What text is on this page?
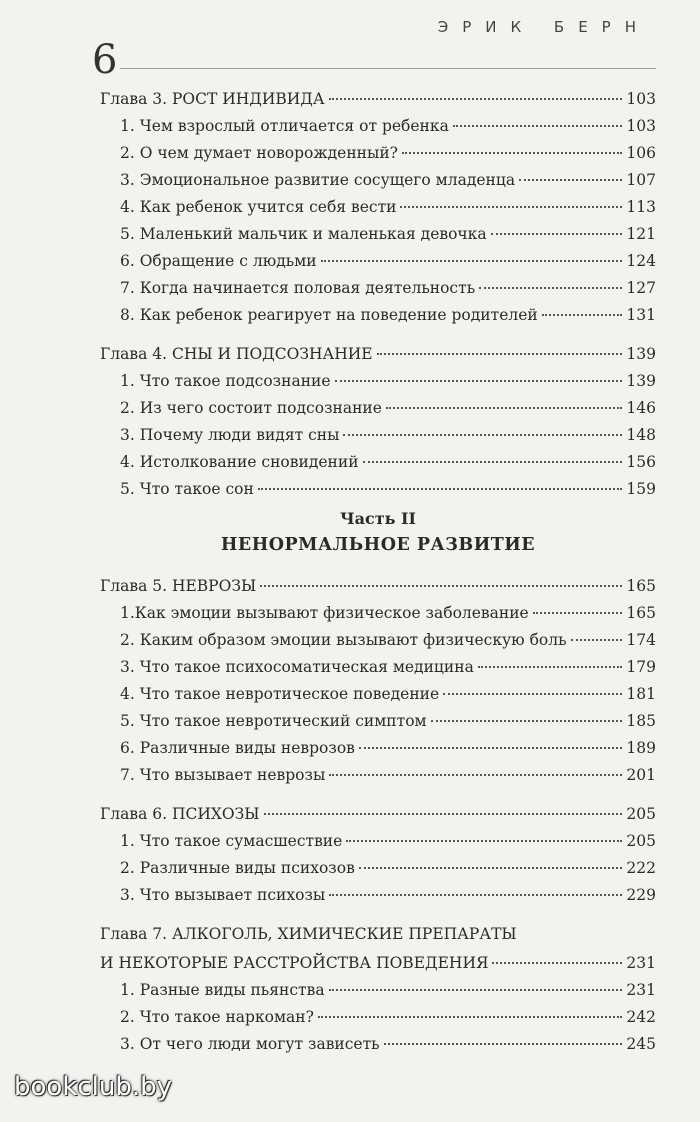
ЭРИК БЕРН
6
Глава 3. РОСТ ИНДИВИДА	103
1. Чем взрослый отличается от ребенка	103
2. О чем думает новорожденный?	106
3. Эмоциональное развитие сосущего младенца	107
4. Как ребенок учится себя вести	113
5. Маленький мальчик и маленькая девочка	121
6. Обращение с людьми	124
7. Когда начинается половая деятельность	127
8. Как ребенок реагирует на поведение родителей	131
Глава 4. СНЫ И ПОДСОЗНАНИЕ	139
1. Что такое подсознание	139
2. Из чего состоит подсознание	146
3. Почему люди видят сны	148
4. Истолкование сновидений	156
5. Что такое сон	159
Часть II
НЕНОРМАЛЬНОЕ РАЗВИТИЕ
Глава 5. НЕВРОЗЫ	165
1.Как эмоции вызывают физическое заболевание	165
2. Каким образом эмоции вызывают физическую боль	174
3. Что такое психосоматическая медицина	179
4. Что такое невротическое поведение	181
5. Что такое невротический симптом	185
6. Различные виды неврозов	189
7. Что вызывает неврозы	201
Глава 6. ПСИХОЗЫ	205
1. Что такое сумасшествие	205
2. Различные виды психозов	222
3. Что вызывает психозы	229
Глава 7. АЛКОГОЛЬ, ХИМИЧЕСКИЕ ПРЕПАРАТЫ
И НЕКОТОРЫЕ РАССТРОЙСТВА ПОВЕДЕНИЯ	231
1. Разные виды пьянства	231
2. Что такое наркоман?	242
3. От чего люди могут зависеть	245
bookclub.by
